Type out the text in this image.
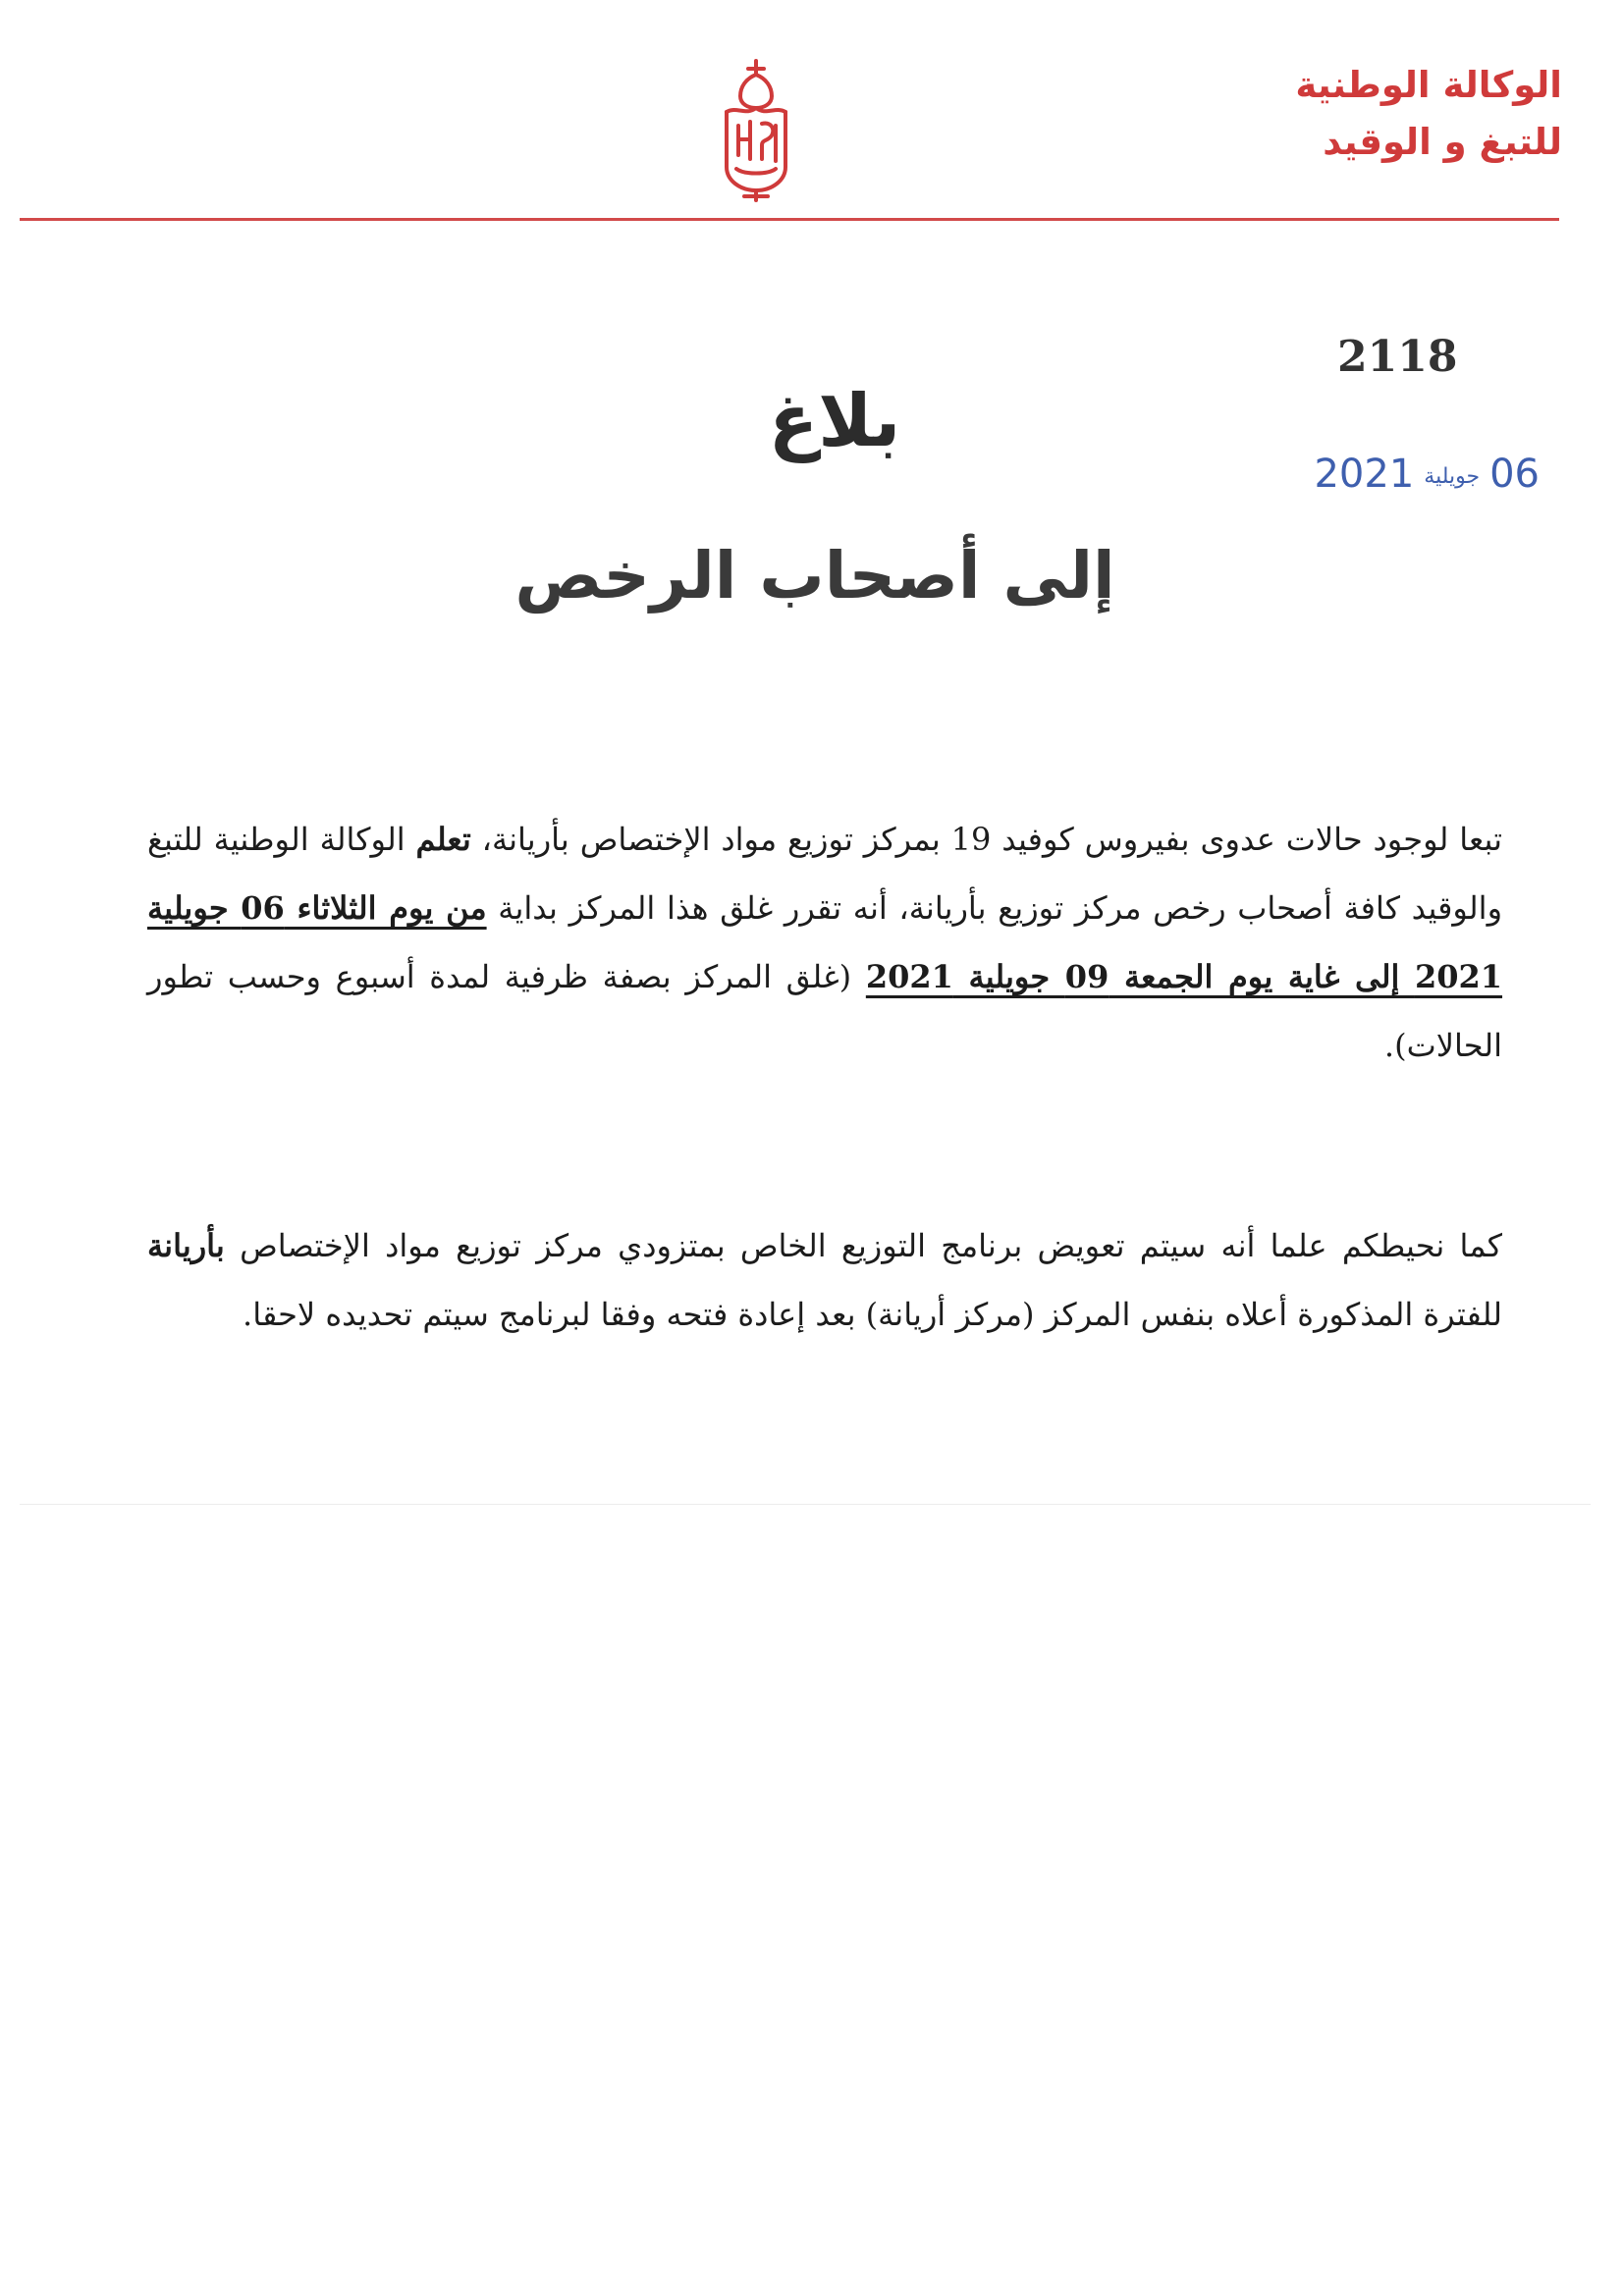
الوكالة الوطنية
للتبغ و الوقيد
2118
06جويلية2021
بلاغ
إلى أصحاب الرخص

تبعا لوجود حالات عدوى بفيروس كوفيد 19 بمركز توزيع مواد الإختصاص بأريانة، تعلم الوكالة الوطنية للتبغ والوقيد كافة أصحاب رخص مركز توزيع بأريانة، أنه تقرر غلق هذا المركز بداية من يوم الثلاثاء 06 جويلية 2021 إلى غاية يوم الجمعة 09 جويلية 2021 (غلق المركز بصفة ظرفية لمدة أسبوع وحسب تطور الحالات).

كما نحيطكم علما أنه سيتم تعويض برنامج التوزيع الخاص بمتزودي مركز توزيع مواد الإختصاص بأريانة للفترة المذكورة أعلاه بنفس المركز (مركز أريانة) بعد إعادة فتحه وفقا لبرنامج سيتم تحديده لاحقا.
